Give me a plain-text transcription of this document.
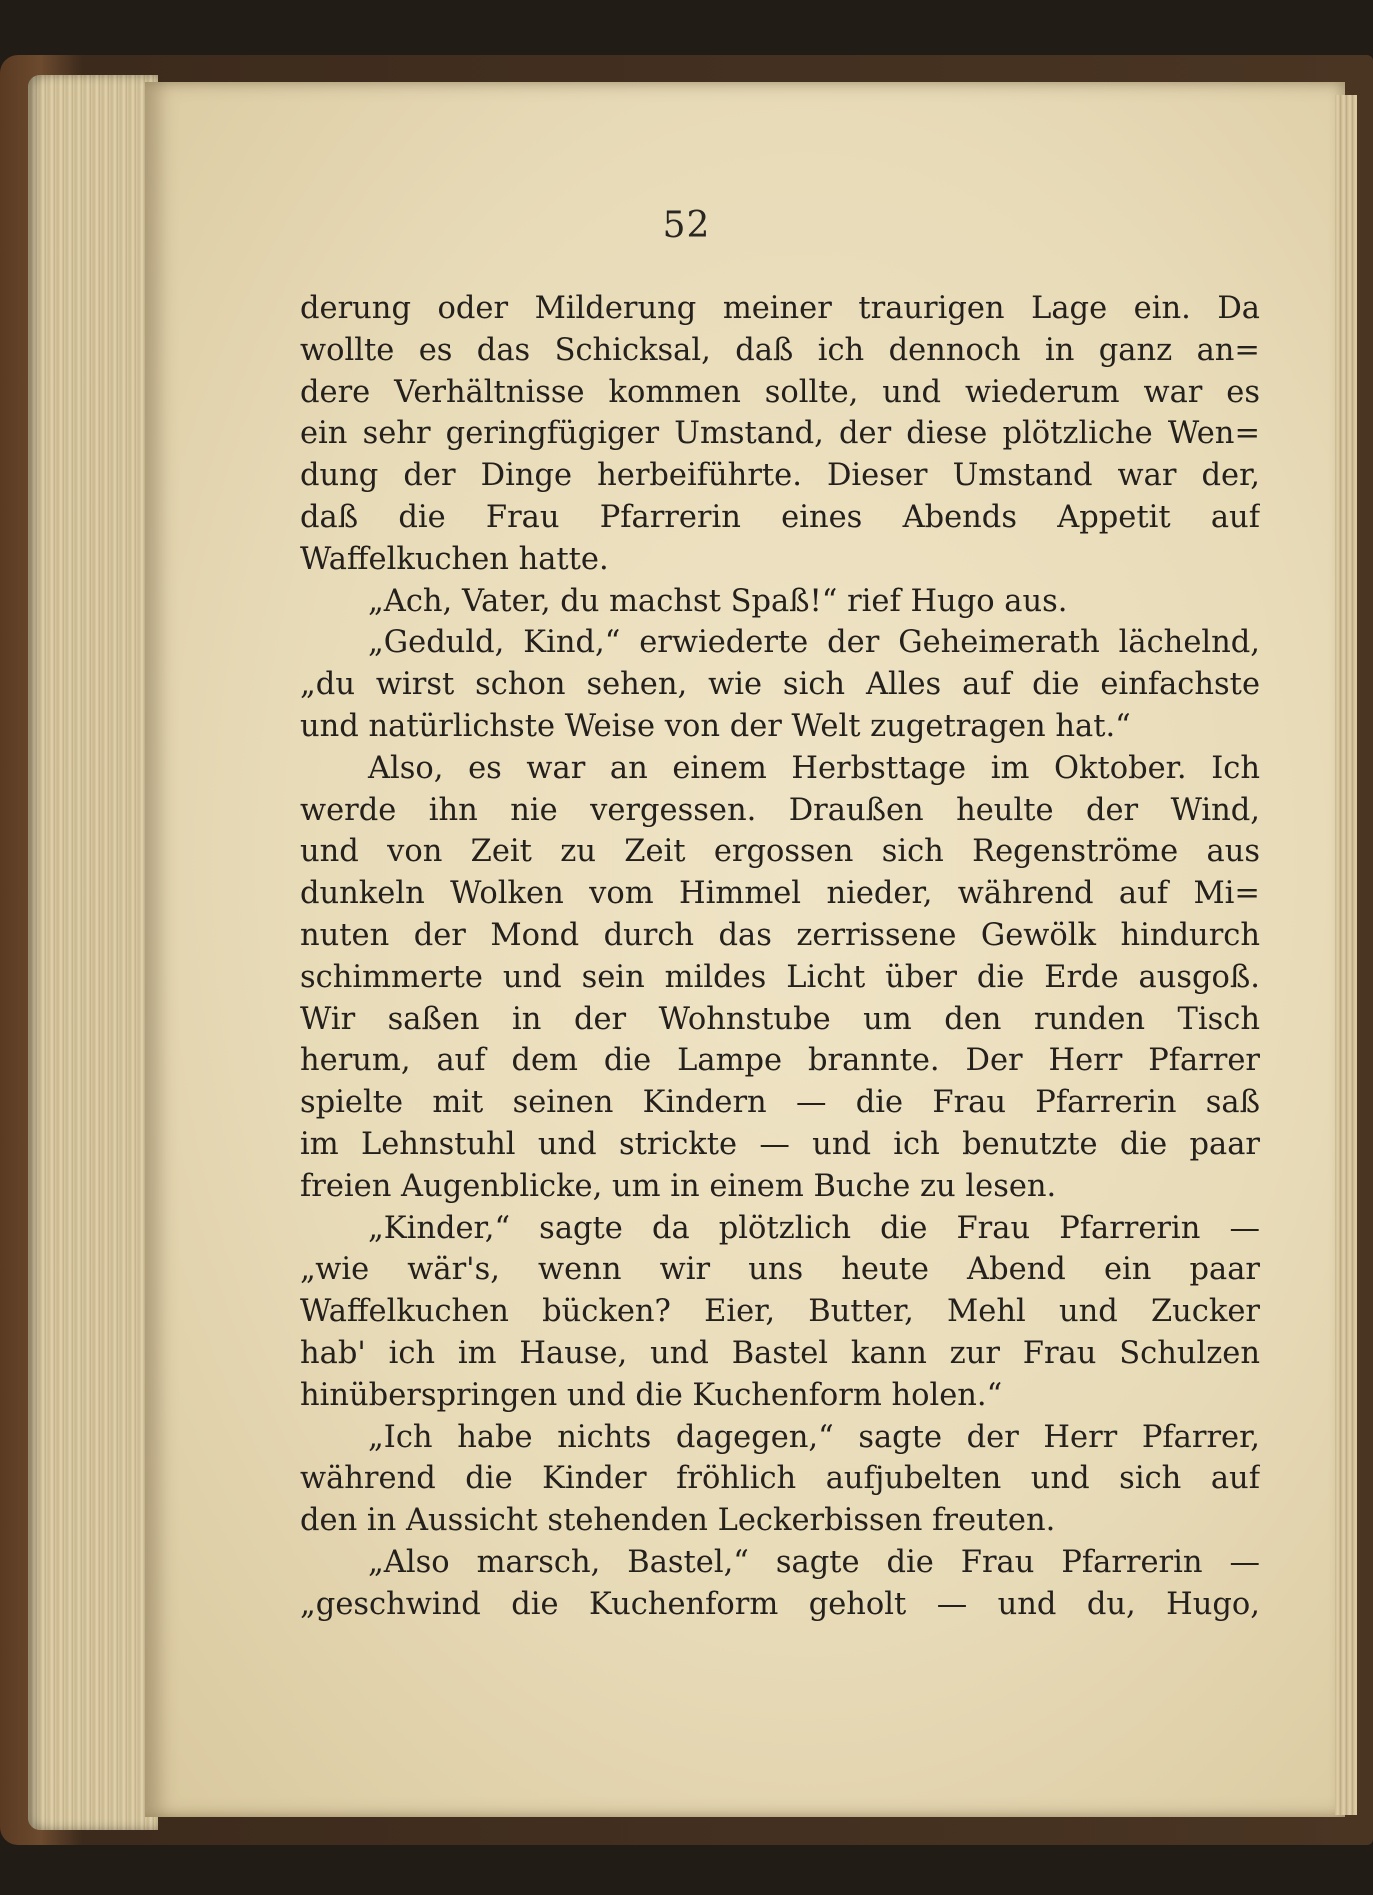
52
derung oder Milderung meiner traurigen Lage ein. Da
wollte es das Schicksal, daß ich dennoch in ganz an=
dere Verhältnisse kommen sollte, und wiederum war es
ein sehr geringfügiger Umstand, der diese plötzliche Wen=
dung der Dinge herbeiführte. Dieser Umstand war der,
daß die Frau Pfarrerin eines Abends Appetit auf
Waffelkuchen hatte.
„Ach, Vater, du machst Spaß!“ rief Hugo aus.
„Geduld, Kind,“ erwiederte der Geheimerath lächelnd,
„du wirst schon sehen, wie sich Alles auf die einfachste
und natürlichste Weise von der Welt zugetragen hat.“
Also, es war an einem Herbsttage im Oktober. Ich
werde ihn nie vergessen. Draußen heulte der Wind,
und von Zeit zu Zeit ergossen sich Regenströme aus
dunkeln Wolken vom Himmel nieder, während auf Mi=
nuten der Mond durch das zerrissene Gewölk hindurch
schimmerte und sein mildes Licht über die Erde ausgoß.
Wir saßen in der Wohnstube um den runden Tisch
herum, auf dem die Lampe brannte. Der Herr Pfarrer
spielte mit seinen Kindern — die Frau Pfarrerin saß
im Lehnstuhl und strickte — und ich benutzte die paar
freien Augenblicke, um in einem Buche zu lesen.
„Kinder,“ sagte da plötzlich die Frau Pfarrerin —
„wie wär's, wenn wir uns heute Abend ein paar
Waffelkuchen bücken? Eier, Butter, Mehl und Zucker
hab' ich im Hause, und Bastel kann zur Frau Schulzen
hinüberspringen und die Kuchenform holen.“
„Ich habe nichts dagegen,“ sagte der Herr Pfarrer,
während die Kinder fröhlich aufjubelten und sich auf
den in Aussicht stehenden Leckerbissen freuten.
„Also marsch, Bastel,“ sagte die Frau Pfarrerin —
„geschwind die Kuchenform geholt — und du, Hugo,
